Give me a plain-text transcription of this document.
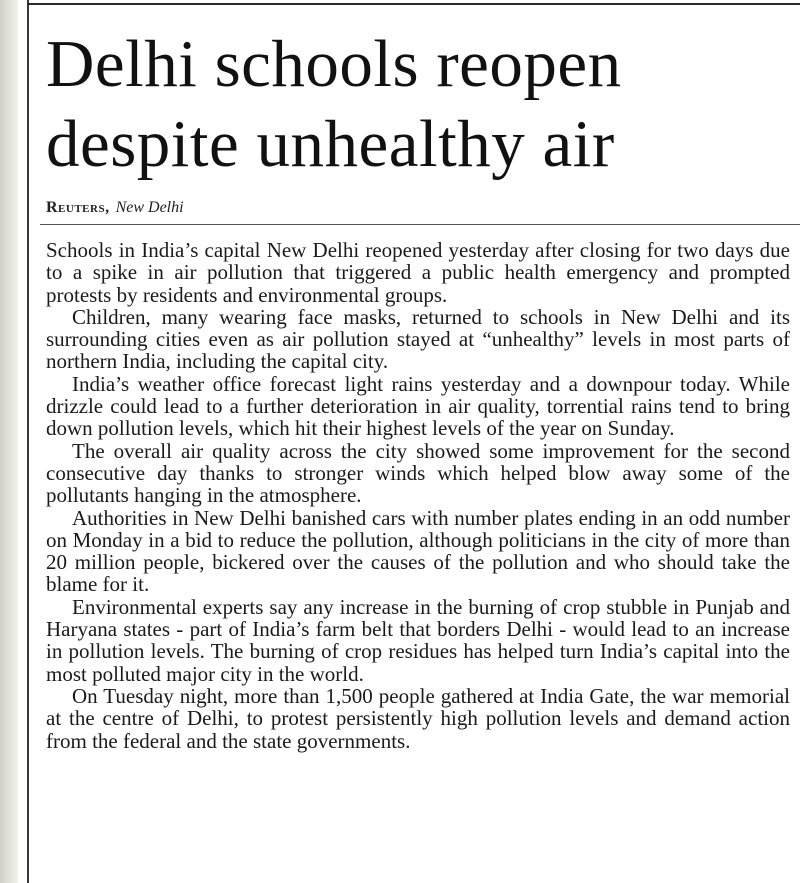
Delhi schools reopen
despite unhealthy air
Reuters, New Delhi

Schools in India’s capital New Delhi reopened yesterday after closing for two days due to a spike in air pollution that triggered a public health emergency and prompted protests by residents and environmental groups.

Children, many wearing face masks, returned to schools in New Delhi and its surrounding cities even as air pollution stayed at “unhealthy” levels in most parts of northern India, including the capital city.

India’s weather office forecast light rains yesterday and a downpour today. While drizzle could lead to a further deterioration in air quality, torrential rains tend to bring down pollution levels, which hit their highest levels of the year on Sunday.

The overall air quality across the city showed some improvement for the second consecutive day thanks to stronger winds which helped blow away some of the pollutants hanging in the atmosphere.

Authorities in New Delhi banished cars with number plates ending in an odd number on Monday in a bid to reduce the pollution, although politicians in the city of more than 20 million people, bickered over the causes of the pollution and who should take the blame for it.

Environmental experts say any increase in the burning of crop stubble in Punjab and Haryana states - part of India’s farm belt that borders Delhi - would lead to an increase in pollution levels. The burning of crop residues has helped turn India’s capital into the most polluted major city in the world.

On Tuesday night, more than 1,500 people gathered at India Gate, the war memorial at the centre of Delhi, to protest persistently high pollution levels and demand action from the federal and the state governments.
